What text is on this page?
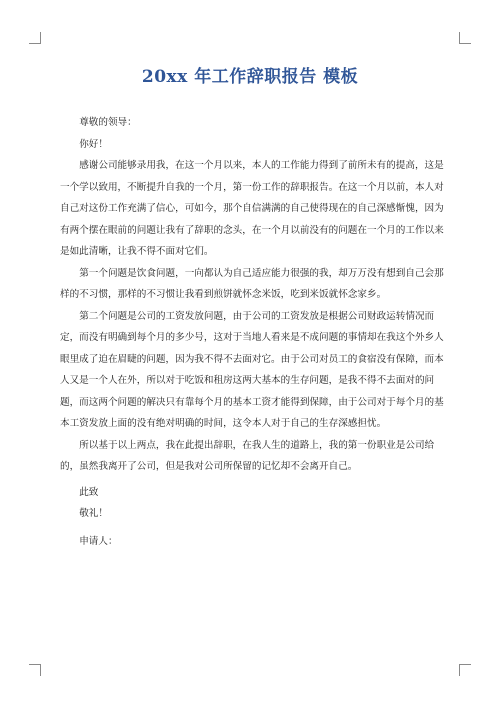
20xx 年工作辞职报告 模板

尊敬的领导：

你好！

感谢公司能够录用我，在这一个月以来，本人的工作能力得到了前所未有的提高，这是一个学以致用，不断提升自我的一个月，第一份工作的辞职报告。在这一个月以前，本人对自己对这份工作充满了信心，可如今，那个自信满满的自己使得现在的自己深感惭愧，因为有两个摆在眼前的问题让我有了辞职的念头，在一个月以前没有的问题在一个月的工作以来是如此清晰，让我不得不面对它们。

第一个问题是饮食问题，一向都认为自己适应能力很强的我，却万万没有想到自己会那样的不习惯，那样的不习惯让我看到煎饼就怀念米饭，吃到米饭就怀念家乡。

第二个问题是公司的工资发放问题，由于公司的工资发放是根据公司财政运转情况而定，而没有明确到每个月的多少号，这对于当地人看来是不成问题的事情却在我这个外乡人眼里成了迫在眉睫的问题，因为我不得不去面对它。由于公司对员工的食宿没有保障，而本人又是一个人在外，所以对于吃饭和租房这两大基本的生存问题，是我不得不去面对的问题，而这两个问题的解决只有靠每个月的基本工资才能得到保障，由于公司对于每个月的基本工资发放上面的没有绝对明确的时间，这令本人对于自己的生存深感担忧。

所以基于以上两点，我在此提出辞职，在我人生的道路上，我的第一份职业是公司给的，虽然我离开了公司，但是我对公司所保留的记忆却不会离开自己。

此致

敬礼！

申请人：
